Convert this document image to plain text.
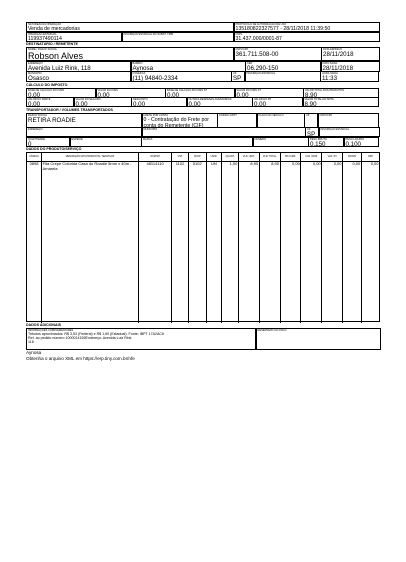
NATUREZA DA OPERAÇÃO
Venda de mercadorias
PROTOCOLO DE AUTORIZAÇÃO DE USO
135180822327577 - 28/11/2018 11:39:50
INSCRIÇÃO ESTADUAL
119937490114
INSCRIÇÃO ESTADUAL DO SUBST. TRIB.	CNPJ
31.437.000/0001-87
DESTINATÁRIO / REMETENTE
NOME / RAZÃO SOCIAL
Robson Alves
CNPJ/CPF
361.711.508-00
DATA EMISSÃO
28/11/2018
ENDEREÇO
Avenida Luiz Rink, 118
BAIRRO
Aynosa
CEP
06.290-150
DATA SAÍDA
28/11/2018
MUNICÍPIO
Osasco
FONE/FAX
(11) 94840-2334
UF
SP
INSCRIÇÃO ESTADUAL	HORA SAÍDA
11:33
CÁLCULO DO IMPOSTO
BASE DE CÁLCULO DO ICMS
0,00
VALOR DO ICMS
0,00
BASE DE CÁLCULO DO ICMS ST
0,00
VALOR DO ICMS ST
0,00
VALOR TOTAL DOS PRODUTOS
8,90
VALOR DO FRETE
0,00
VALOR DO SEGURO
0,00
DESCONTO
0,00
OUTRAS DESPESAS ACESSÓRIAS
0,00
VALOR DO IPI
0,00
VALOR TOTAL DA NOTA
8,90
TRANSPORTADOR / VOLUMES TRANSPORTADOS
RAZÃO SOCIAL
RETIRA ROADIE
FRETE POR CONTA
0 - Contratação do Frete por conta do Remetente (CIF)
CÓDIGO ANTT	PLACA DO VEÍCULO	UF	CNPJ/CPF
ENDEREÇO	MUNICÍPIO	UF
SP
INSCRIÇÃO ESTADUAL
QUANTIDADE
0
ESPÉCIE	MARCA	NÚMERO	PESO BRUTO
0,150
PESO LÍQUIDO
0,100
DADOS DO PRODUTO/SERVIÇO
CÓDIGO	DESCRIÇÃO DOS PRODUTOS / SERVIÇOS	NCM/SH	CST	CFOP	UNID.	QUANT.	VLR. UNIT.	VLR. TOTAL	BC ICMS	VLR. ICMS	VLR. IPI	%ICMS	%IPI
0898	Fita Crepe Colorida Casa do Roadie 5mm x 40m - Amarela	48114110	1102	5102	UN	1,00	8,90	8,90	0,00	0,00	0,00	0,00	0,00
DADOS ADICIONAIS
INFORMAÇÕES COMPLEMENTARES
Tributos aproximados: R$ 3,53 (Federal) e R$ 1,60 (Estadual). Fonte: IBPT 17A2AC6
Ref. ao pedido número 1000014159Endereço: Avenida Luiz Rink
118
RESERVADO AO FISCO
Aynosa
Obtenha o arquivo XML em https://erp.tiny.com.br/nfe
